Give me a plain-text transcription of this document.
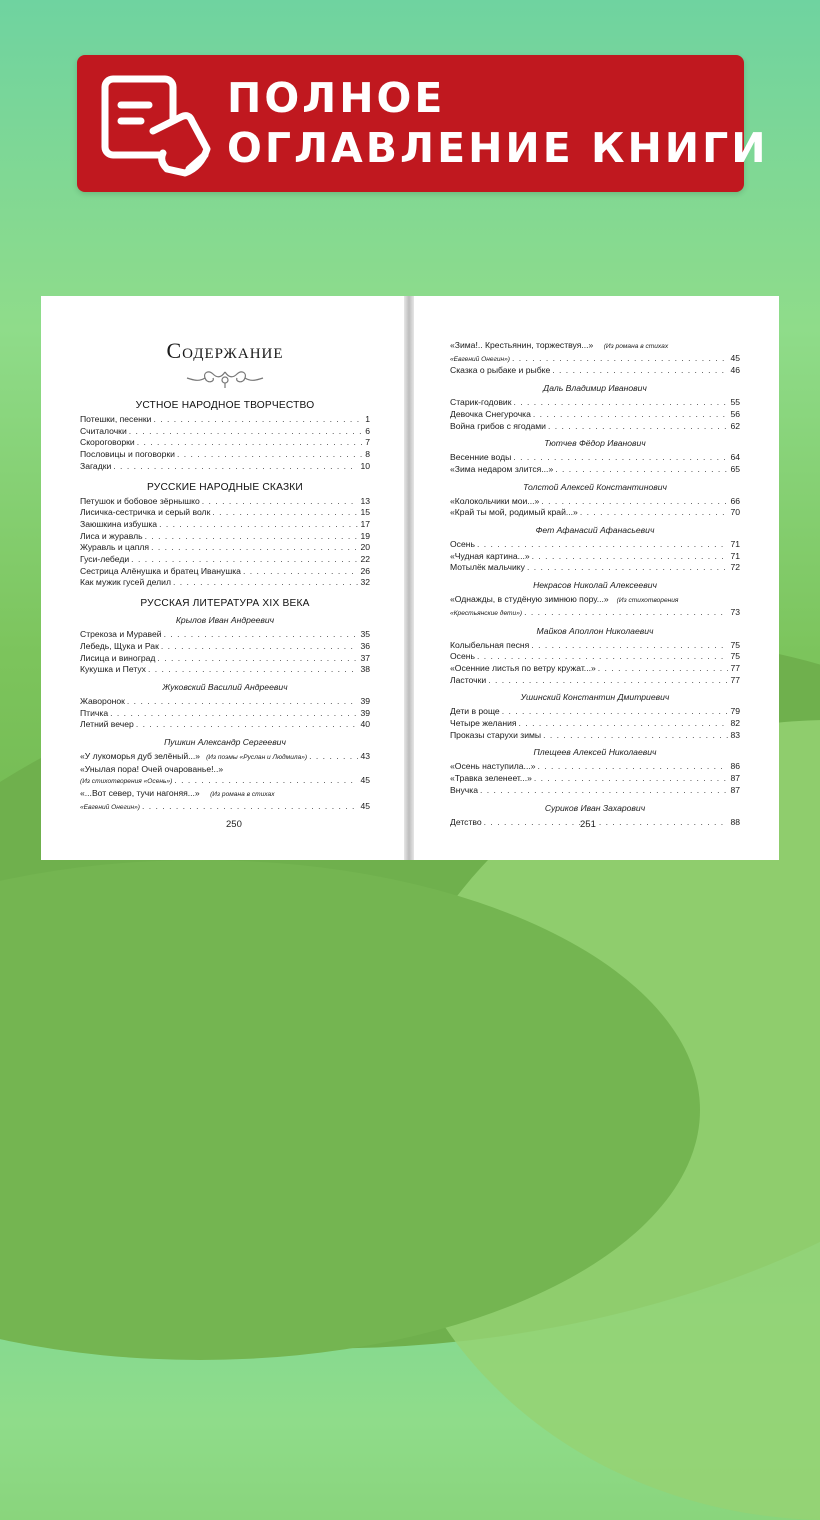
ПОЛНОЕ
ОГЛАВЛЕНИЕ КНИГИ
Содержание
УСТНОЕ НАРОДНОЕ ТВОРЧЕСТВО
Потешки, песенки . . .	1
Считалочки . . .	6
Скороговорки . . .	7
Пословицы и поговорки . . .	8
Загадки . . .	10
РУССКИЕ НАРОДНЫЕ СКАЗКИ
Петушок и бобовое зёрнышко . . .	13
Лисичка-сестричка и серый волк . . .	15
Заюшкина избушка . . .	17
Лиса и журавль . . .	19
Журавль и цапля . . .	20
Гуси-лебеди . . .	22
Сестрица Алёнушка и братец Иванушка . . .	26
Как мужик гусей делил . . .	32
РУССКАЯ ЛИТЕРАТУРА XIX ВЕКА
Крылов Иван Андреевич
Стрекоза и Муравей . . .	35
Лебедь, Щука и Рак . . .	36
Лисица и виноград . . .	37
Кукушка и Петух . . .	38
Жуковский Василий Андреевич
Жаворонок . . .	39
Птичка . . .	39
Летний вечер . . .	40
Пушкин Александр Сергеевич
«У лукоморья дуб зелёный...» (Из поэмы «Руслан и Людмила») . . .	43
«Унылая пора! Очей очарованье!..»
(Из стихотворения «Осень») . . .	45
«...Вот север, тучи нагоняя...» (Из романа в стихах
«Евгений Онегин») . . .	45
250
«Зима!.. Крестьянин, торжествуя...» (Из романа в стихах
«Евгений Онегин») . . .	45
Сказка о рыбаке и рыбке . . .	46
Даль Владимир Иванович
Старик-годовик . . .	55
Девочка Снегурочка . . .	56
Война грибов с ягодами . . .	62
Тютчев Фёдор Иванович
Весенние воды . . .	64
«Зима недаром злится...» . . .	65
Толстой Алексей Константинович
«Колокольчики мои...» . . .	66
«Край ты мой, родимый край...» . . .	70
Фет Афанасий Афанасьевич
Осень . . .	71
«Чудная картина...» . . .	71
Мотылёк мальчику . . .	72
Некрасов Николай Алексеевич
«Однажды, в студёную зимнюю пору...» (Из стихотворения
«Крестьянские дети») . . .	73
Майков Аполлон Николаевич
Колыбельная песня . . .	75
Осень . . .	75
«Осенние листья по ветру кружат...» . . .	77
Ласточки . . .	77
Ушинский Константин Дмитриевич
Дети в роще . . .	79
Четыре желания . . .	82
Проказы старухи зимы . . .	83
Плещеев Алексей Николаевич
«Осень наступила...» . . .	86
«Травка зеленеет...» . . .	87
Внучка . . .	87
Суриков Иван Захарович
Детство . . .	88
251
